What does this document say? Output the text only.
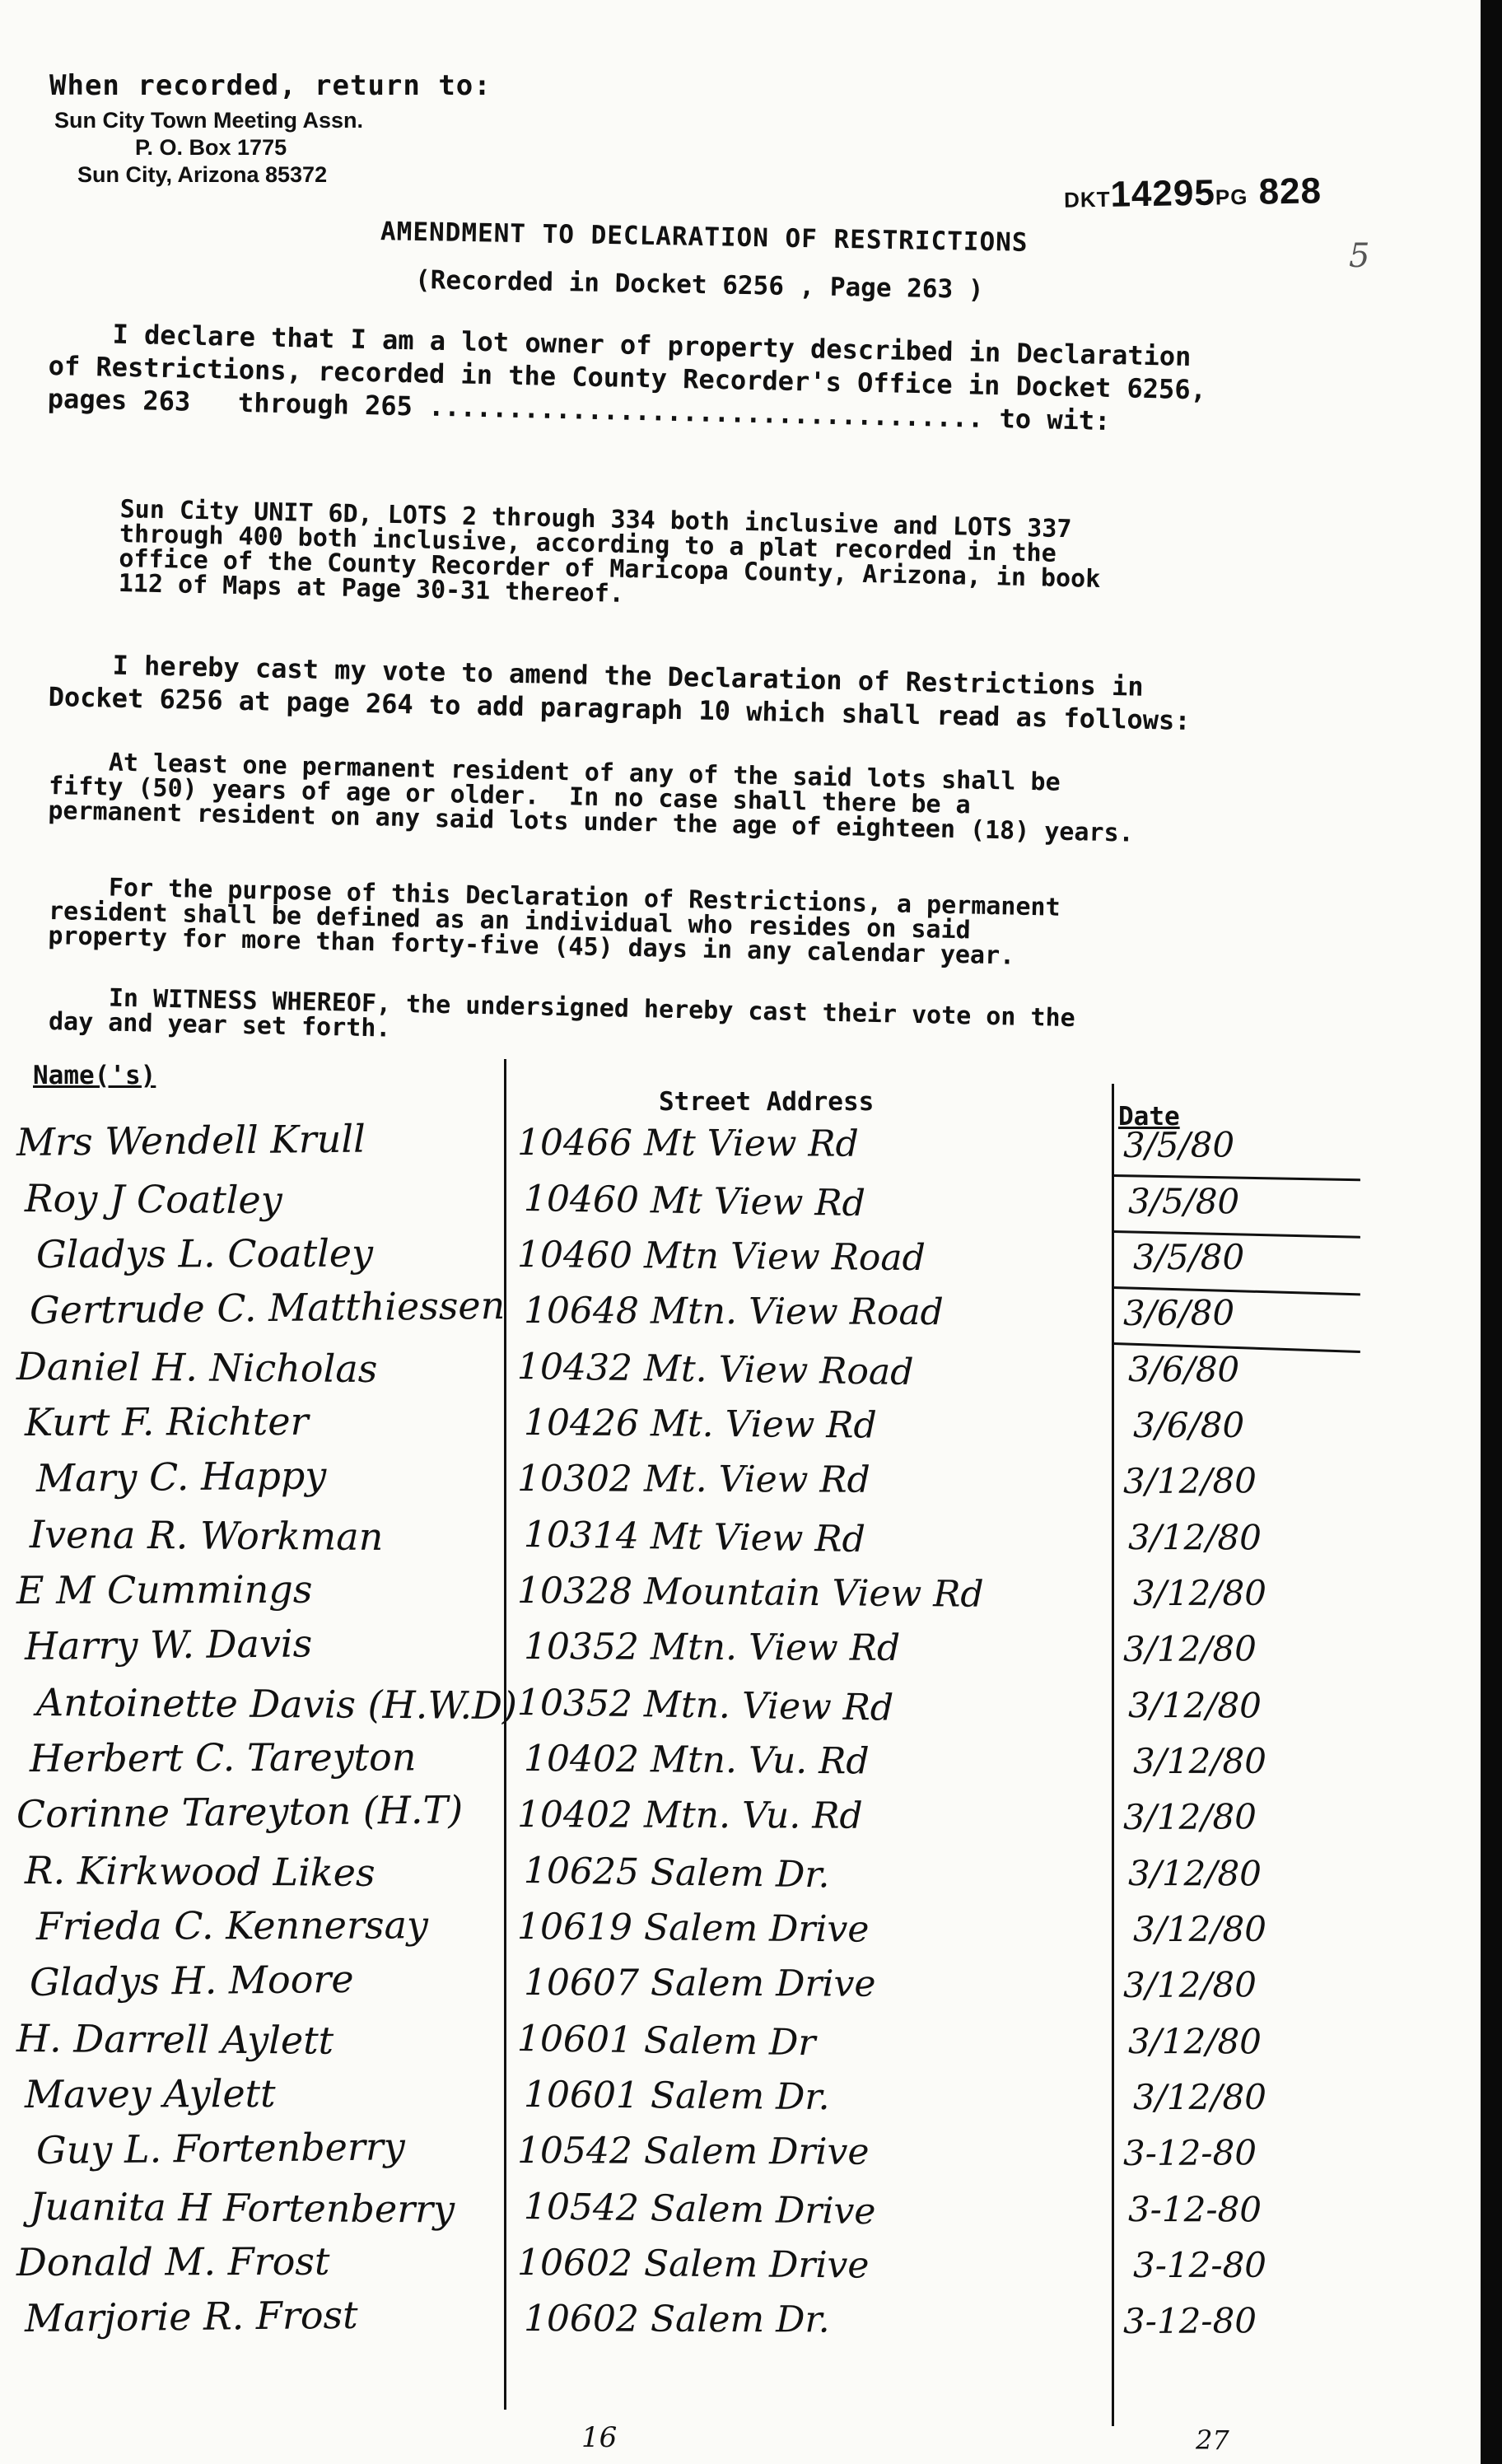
When recorded, return to:
Sun City Town Meeting Assn.
P. O. Box 1775
Sun City, Arizona 85372
DKT14295PG 828
5
AMENDMENT TO DECLARATION OF RESTRICTIONS
(Recorded in Docket 6256 , Page 263 )
I declare that I am a lot owner of property described in Declaration
of Restrictions, recorded in the County Recorder's Office in Docket 6256,
pages 263   through 265 ................................... to wit:
Sun City UNIT 6D, LOTS 2 through 334 both inclusive and LOTS 337
through 400 both inclusive, according to a plat recorded in the
office of the County Recorder of Maricopa County, Arizona, in book
112 of Maps at Page 30-31 thereof.
I hereby cast my vote to amend the Declaration of Restrictions in
Docket 6256 at page 264 to add paragraph 10 which shall read as follows:
At least one permanent resident of any of the said lots shall be
fifty (50) years of age or older.  In no case shall there be a
permanent resident on any said lots under the age of eighteen (18) years.
For the purpose of this Declaration of Restrictions, a permanent
resident shall be defined as an individual who resides on said
property for more than forty-five (45) days in any calendar year.
In WITNESS WHEREOF, the undersigned hereby cast their vote on the
day and year set forth.
Name('s)
Street Address	Date
Mrs Wendell Krull	10466 Mt View Rd	3/5/80
Roy J Coatley	10460 Mt View Rd	3/5/80
Gladys L. Coatley	10460 Mtn View Road	3/5/80
Gertrude C. Matthiessen 10648 Mtn. View Road	3/6/80
Daniel H. Nicholas	10432 Mt. View Road	3/6/80
Kurt F. Richter	10426 Mt. View Rd	3/6/80
Mary C. Happy	10302 Mt. View Rd	3/12/80
Ivena R. Workman	10314 Mt View Rd	3/12/80
E M Cummings	10328 Mountain View Rd	3/12/80
Harry W. Davis	10352 Mtn. View Rd	3/12/80
Antoinette Davis (H.W.D) 10352 Mtn. View Rd	3/12/80
Herbert C. Tareyton	10402 Mtn. Vu. Rd	3/12/80
Corinne Tareyton (H.T) 10402 Mtn. Vu. Rd	3/12/80
R. Kirkwood Likes	10625 Salem Dr.	3/12/80
Frieda C. Kennersay 10619 Salem Drive	3/12/80
Gladys H. Moore	10607 Salem Drive	3/12/80
H. Darrell Aylett	10601 Salem Dr	3/12/80
Mavey Aylett	10601 Salem Dr.	3/12/80
Guy L. Fortenberry	10542 Salem Drive	3-12-80
Juanita H Fortenberry 10542 Salem Drive	3-12-80
Donald M. Frost	10602 Salem Drive	3-12-80
Marjorie R. Frost	10602 Salem Dr.	3-12-80
16	27
